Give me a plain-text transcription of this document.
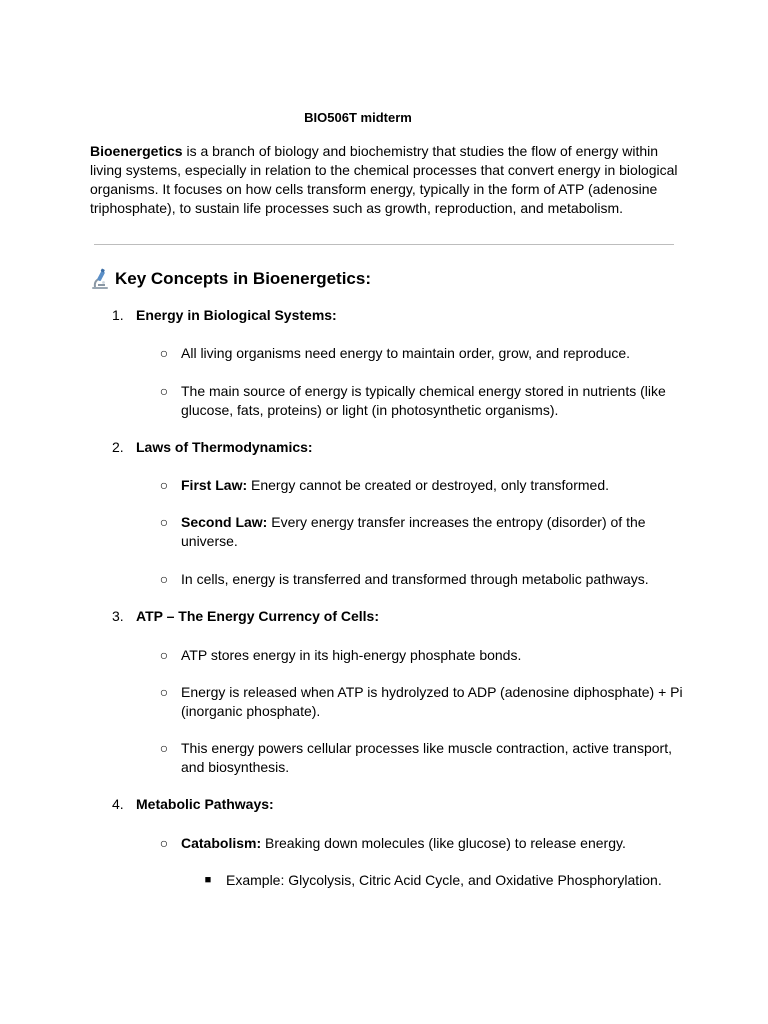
BIO506T midterm
Bioenergetics is a branch of biology and biochemistry that studies the flow of energy within
living systems, especially in relation to the chemical processes that convert energy in biological
organisms. It focuses on how cells transform energy, typically in the form of ATP (adenosine
triphosphate), to sustain life processes such as growth, reproduction, and metabolism.
Key Concepts in Bioenergetics:
1. Energy in Biological Systems:
○ All living organisms need energy to maintain order, grow, and reproduce.
○ The main source of energy is typically chemical energy stored in nutrients (like
glucose, fats, proteins) or light (in photosynthetic organisms).
2. Laws of Thermodynamics:
○ First Law: Energy cannot be created or destroyed, only transformed.
○ Second Law: Every energy transfer increases the entropy (disorder) of the
universe.
○ In cells, energy is transferred and transformed through metabolic pathways.
3. ATP – The Energy Currency of Cells:
○ ATP stores energy in its high-energy phosphate bonds.
○ Energy is released when ATP is hydrolyzed to ADP (adenosine diphosphate) + Pi
(inorganic phosphate).
○ This energy powers cellular processes like muscle contraction, active transport,
and biosynthesis.
4. Metabolic Pathways:
○ Catabolism: Breaking down molecules (like glucose) to release energy.
■ Example: Glycolysis, Citric Acid Cycle, and Oxidative Phosphorylation.
